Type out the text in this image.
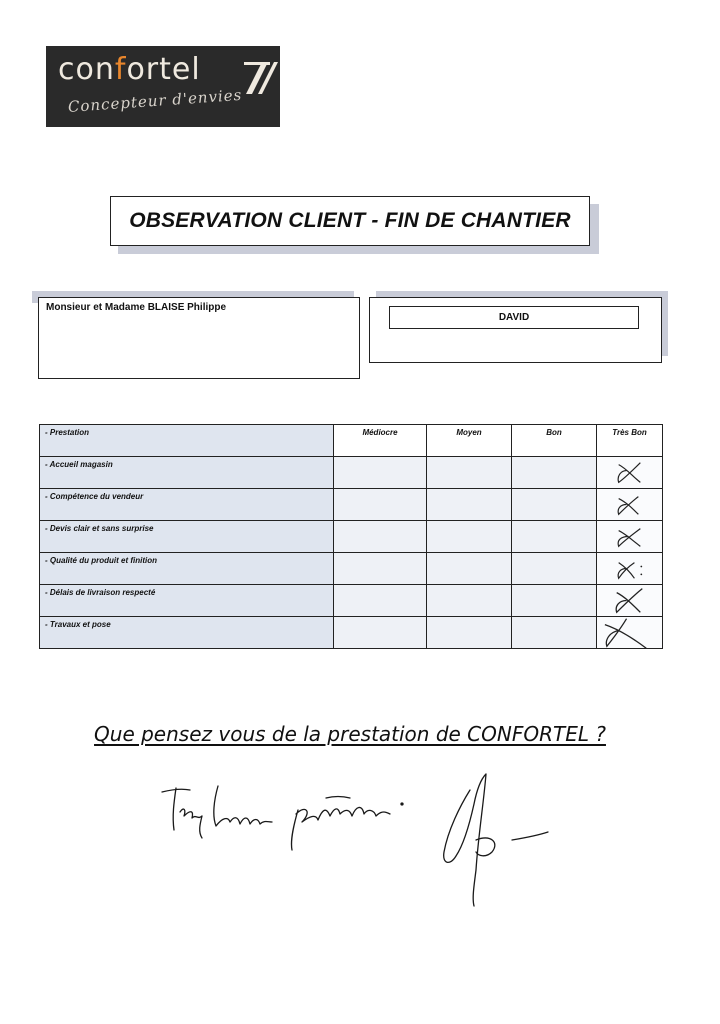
confortel
Concepteur d'envies
OBSERVATION CLIENT - FIN DE CHANTIER
Monsieur et Madame BLAISE Philippe
DAVID
- Prestation	Médiocre	Moyen	Bon	Très Bon
- Accueil magasin				

- Compétence du vendeur				

- Devis clair et sans surprise				

- Qualité du produit et finition				

- Délais de livraison respecté				

- Travaux et pose				
Que pensez vous de la prestation de CONFORTEL ?
